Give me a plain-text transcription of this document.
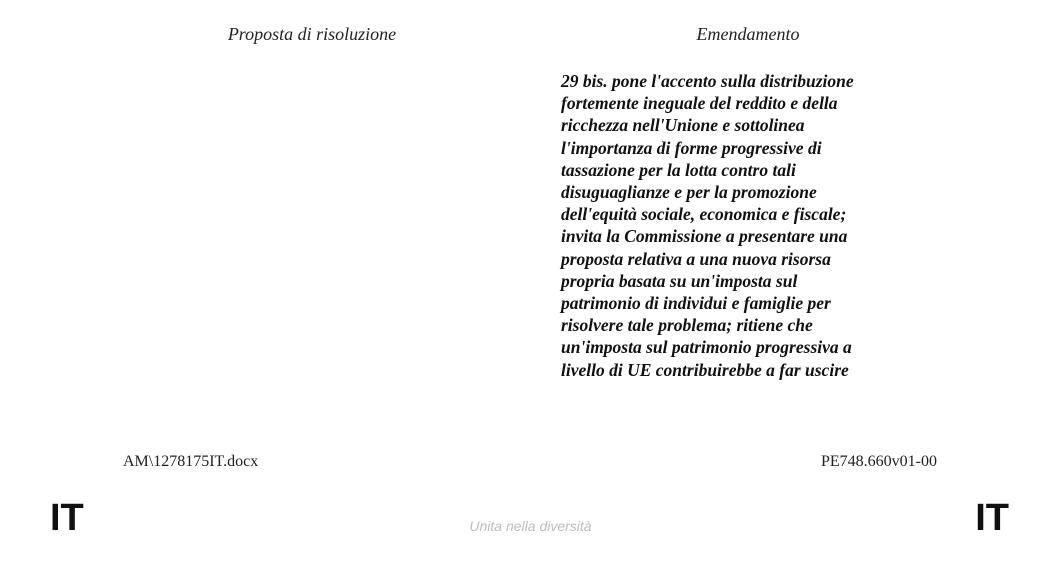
Proposta di risoluzione	Emendamento
29 bis. pone l'accento sulla distribuzione
fortemente ineguale del reddito e della
ricchezza nell'Unione e sottolinea
l'importanza di forme progressive di
tassazione per la lotta contro tali
disuguaglianze e per la promozione
dell'equità sociale, economica e fiscale;
invita la Commissione a presentare una
proposta relativa a una nuova risorsa
propria basata su un'imposta sul
patrimonio di individui e famiglie per
risolvere tale problema; ritiene che
un'imposta sul patrimonio progressiva a
livello di UE contribuirebbe a far uscire
AM\1278175IT.docx	PE748.660v01-00
IT	Unita nella diversità	IT
